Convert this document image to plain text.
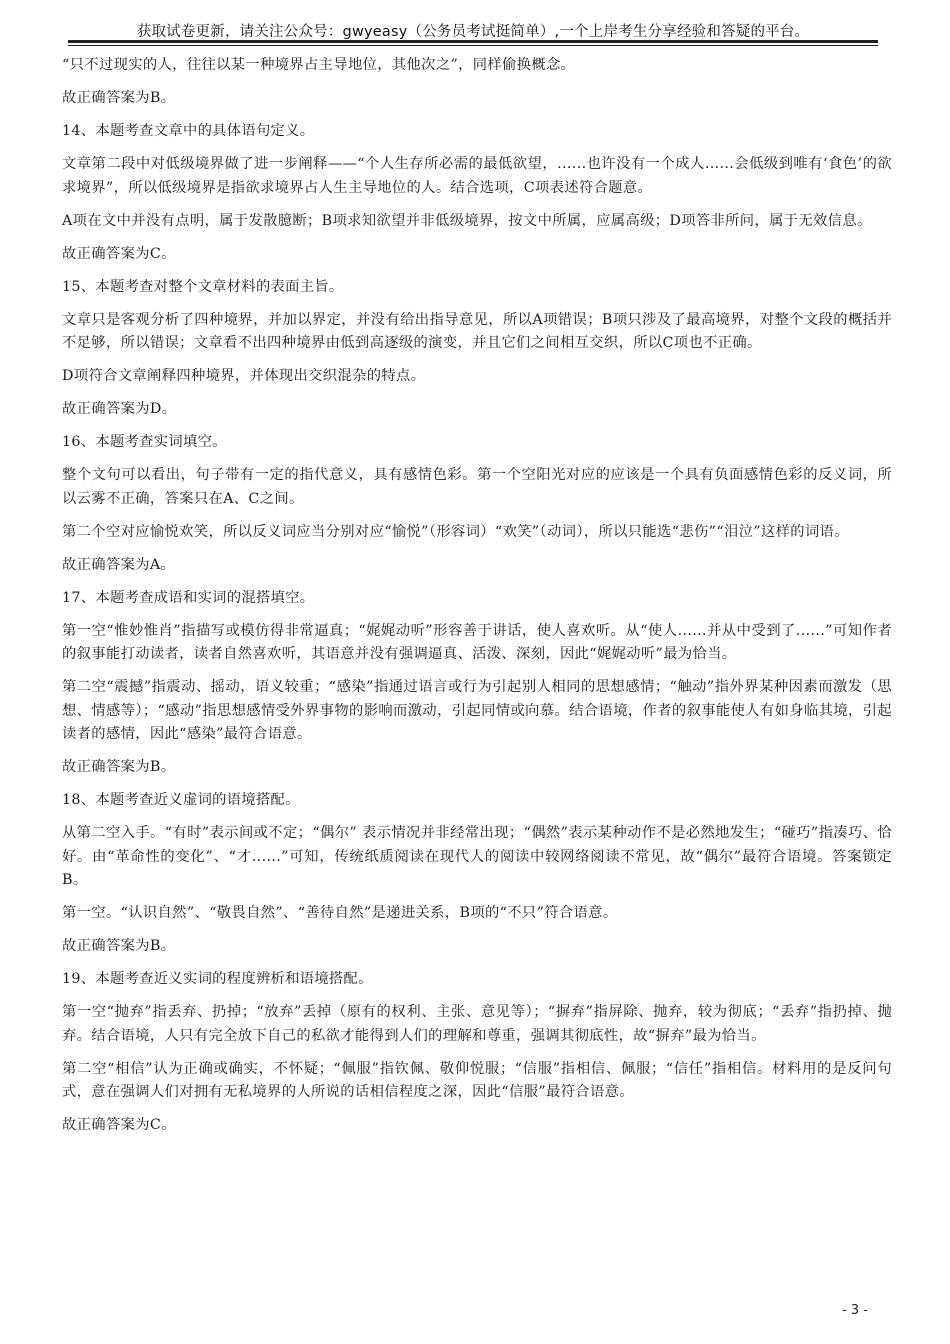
获取试卷更新，请关注公众号：gwyeasy（公务员考试挺简单）,一个上岸考生分享经验和答疑的平台。

“只不过现实的人，往往以某一种境界占主导地位，其他次之”，同样偷换概念。

故正确答案为B。

14、本题考查文章中的具体语句定义。

文章第二段中对低级境界做了进一步阐释——“个人生存所必需的最低欲望，......也许没有一个成人......会低级到唯有‘食色’的欲求境界”，所以低级境界是指欲求境界占人生主导地位的人。结合选项，C项表述符合题意。

A项在文中并没有点明，属于发散臆断；B项求知欲望并非低级境界，按文中所属，应属高级；D项答非所问，属于无效信息。

故正确答案为C。

15、本题考查对整个文章材料的表面主旨。

文章只是客观分析了四种境界，并加以界定，并没有给出指导意见，所以A项错误；B项只涉及了最高境界，对整个文段的概括并不足够，所以错误；文章看不出四种境界由低到高逐级的演变，并且它们之间相互交织，所以C项也不正确。

D项符合文章阐释四种境界，并体现出交织混杂的特点。

故正确答案为D。

16、本题考查实词填空。

整个文句可以看出，句子带有一定的指代意义，具有感情色彩。第一个空阳光对应的应该是一个具有负面感情色彩的反义词，所以云雾不正确，答案只在A、C之间。

第二个空对应愉悦欢笑，所以反义词应当分别对应“愉悦”（形容词）“欢笑”（动词），所以只能选“悲伤”“泪泣”这样的词语。

故正确答案为A。

17、本题考查成语和实词的混搭填空。

第一空“惟妙惟肖”指描写或模仿得非常逼真；“娓娓动听”形容善于讲话，使人喜欢听。从“使人......并从中受到了......”可知作者的叙事能打动读者，读者自然喜欢听，其语意并没有强调逼真、活泼、深刻，因此“娓娓动听”最为恰当。

第二空“震撼”指震动、摇动，语义较重；“感染”指通过语言或行为引起别人相同的思想感情；“触动”指外界某种因素而激发（思想、情感等）；“感动”指思想感情受外界事物的影响而激动，引起同情或向慕。结合语境，作者的叙事能使人有如身临其境，引起读者的感情，因此“感染”最符合语意。

故正确答案为B。

18、本题考查近义虚词的语境搭配。

从第二空入手。“有时”表示间或不定；“偶尔” 表示情况并非经常出现；“偶然”表示某种动作不是必然地发生；“碰巧”指凑巧、恰好。由“革命性的变化”、“才......”可知，传统纸质阅读在现代人的阅读中较网络阅读不常见，故“偶尔”最符合语境。答案锁定B。

第一空。“认识自然”、“敬畏自然”、“善待自然”是递进关系，B项的“不只”符合语意。

故正确答案为B。

19、本题考查近义实词的程度辨析和语境搭配。

第一空“抛弃”指丢弃、扔掉；“放弃”丢掉（原有的权利、主张、意见等）；“摒弃”指屏除、抛弃，较为彻底；“丢弃”指扔掉、抛弃。结合语境，人只有完全放下自己的私欲才能得到人们的理解和尊重，强调其彻底性，故“摒弃”最为恰当。

第二空“相信”认为正确或确实，不怀疑；“佩服”指钦佩、敬仰悦服；“信服”指相信、佩服；“信任”指相信。材料用的是反问句式，意在强调人们对拥有无私境界的人所说的话相信程度之深，因此“信服”最符合语意。

故正确答案为C。

- 3 -
